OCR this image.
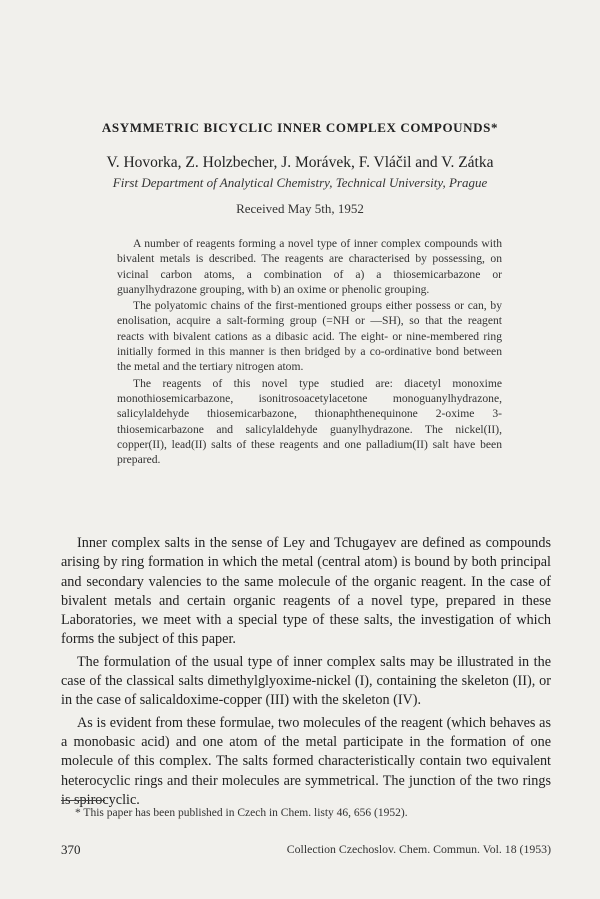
ASYMMETRIC BICYCLIC INNER COMPLEX COMPOUNDS*
V. Hovorka, Z. Holzbecher, J. Morávek, F. Vláčil and V. Zátka
First Department of Analytical Chemistry, Technical University, Prague
Received May 5th, 1952

A number of reagents forming a novel type of inner complex compounds with bivalent metals is described. The reagents are characterised by possessing, on vicinal carbon atoms, a combination of a) a thiosemicarbazone or guanylhydrazone grouping, with b) an oxime or phenolic grouping.

The polyatomic chains of the first-mentioned groups either possess or can, by enolisation, acquire a salt-forming group (=NH or —SH), so that the reagent reacts with bivalent cations as a dibasic acid. The eight- or nine-membered ring initially formed in this manner is then bridged by a co-ordinative bond between the metal and the tertiary nitrogen atom.

The reagents of this novel type studied are: diacetyl monoxime monothiosemicarbazone, isonitrosoacetylacetone monoguanylhydrazone, salicylaldehyde thiosemicarbazone, thionaphthenequinone 2-oxime 3-thiosemicarbazone and salicylaldehyde guanylhydrazone. The nickel(II), copper(II), lead(II) salts of these reagents and one palladium(II) salt have been prepared.

Inner complex salts in the sense of Ley and Tchugayev are defined as compounds arising by ring formation in which the metal (central atom) is bound by both principal and secondary valencies to the same molecule of the organic reagent. In the case of bivalent metals and certain organic reagents of a novel type, prepared in these Laboratories, we meet with a special type of these salts, the investigation of which forms the subject of this paper.

The formulation of the usual type of inner complex salts may be illustrated in the case of the classical salts dimethylglyoxime-nickel (I), containing the skeleton (II), or in the case of salicaldoxime-copper (III) with the skeleton (IV).

As is evident from these formulae, two molecules of the reagent (which behaves as a monobasic acid) and one atom of the metal participate in the formation of one molecule of this complex. The salts formed characteristically contain two equivalent heterocyclic rings and their molecules are symmetrical. The junction of the two rings is spirocyclic.

* This paper has been published in Czech in Chem. listy 46, 656 (1952).
370	Collection Czechoslov. Chem. Commun. Vol. 18 (1953)
